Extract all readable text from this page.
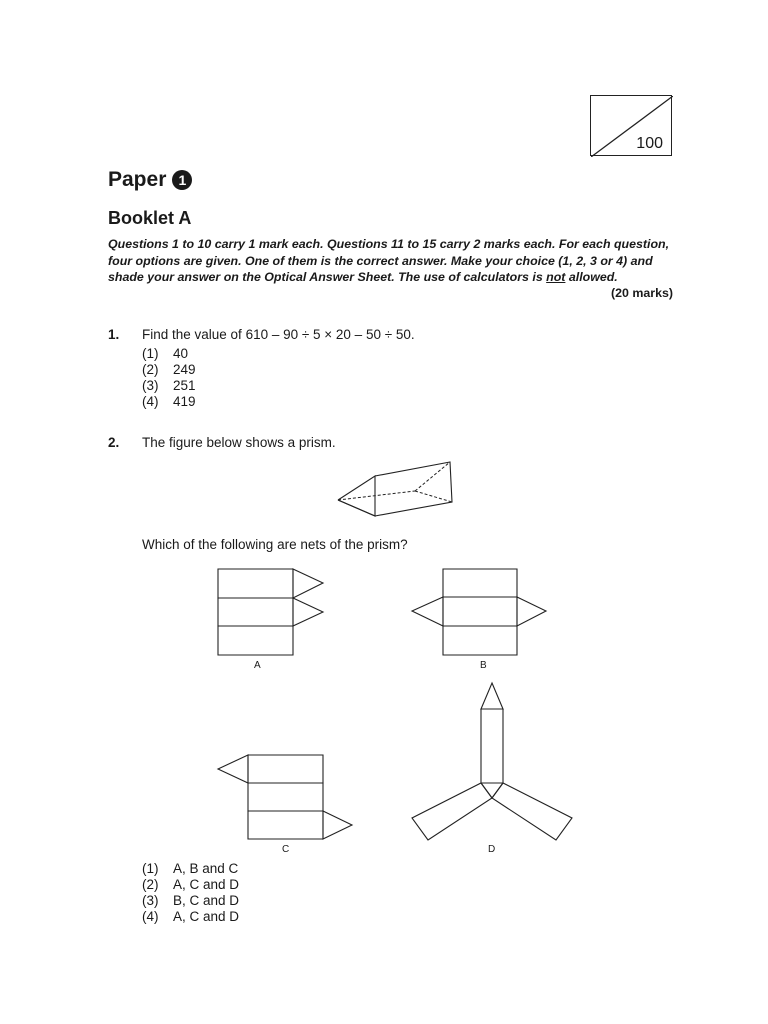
100
Paper 1
Booklet A
Questions 1 to 10 carry 1 mark each. Questions 11 to 15 carry 2 marks each. For each question, four options are given. One of them is the correct answer. Make your choice (1, 2, 3 or 4) and shade your answer on the Optical Answer Sheet. The use of calculators is not allowed.
(20 marks)
1. Find the value of 610 – 90 ÷ 5 × 20 – 50 ÷ 50.
(1) 40
(2) 249
(3) 251
(4) 419
2. The figure below shows a prism.
Which of the following are nets of the prism?
A	B
C	D
(1) A, B and C
(2) A, C and D
(3) B, C and D
(4) A, C and D
